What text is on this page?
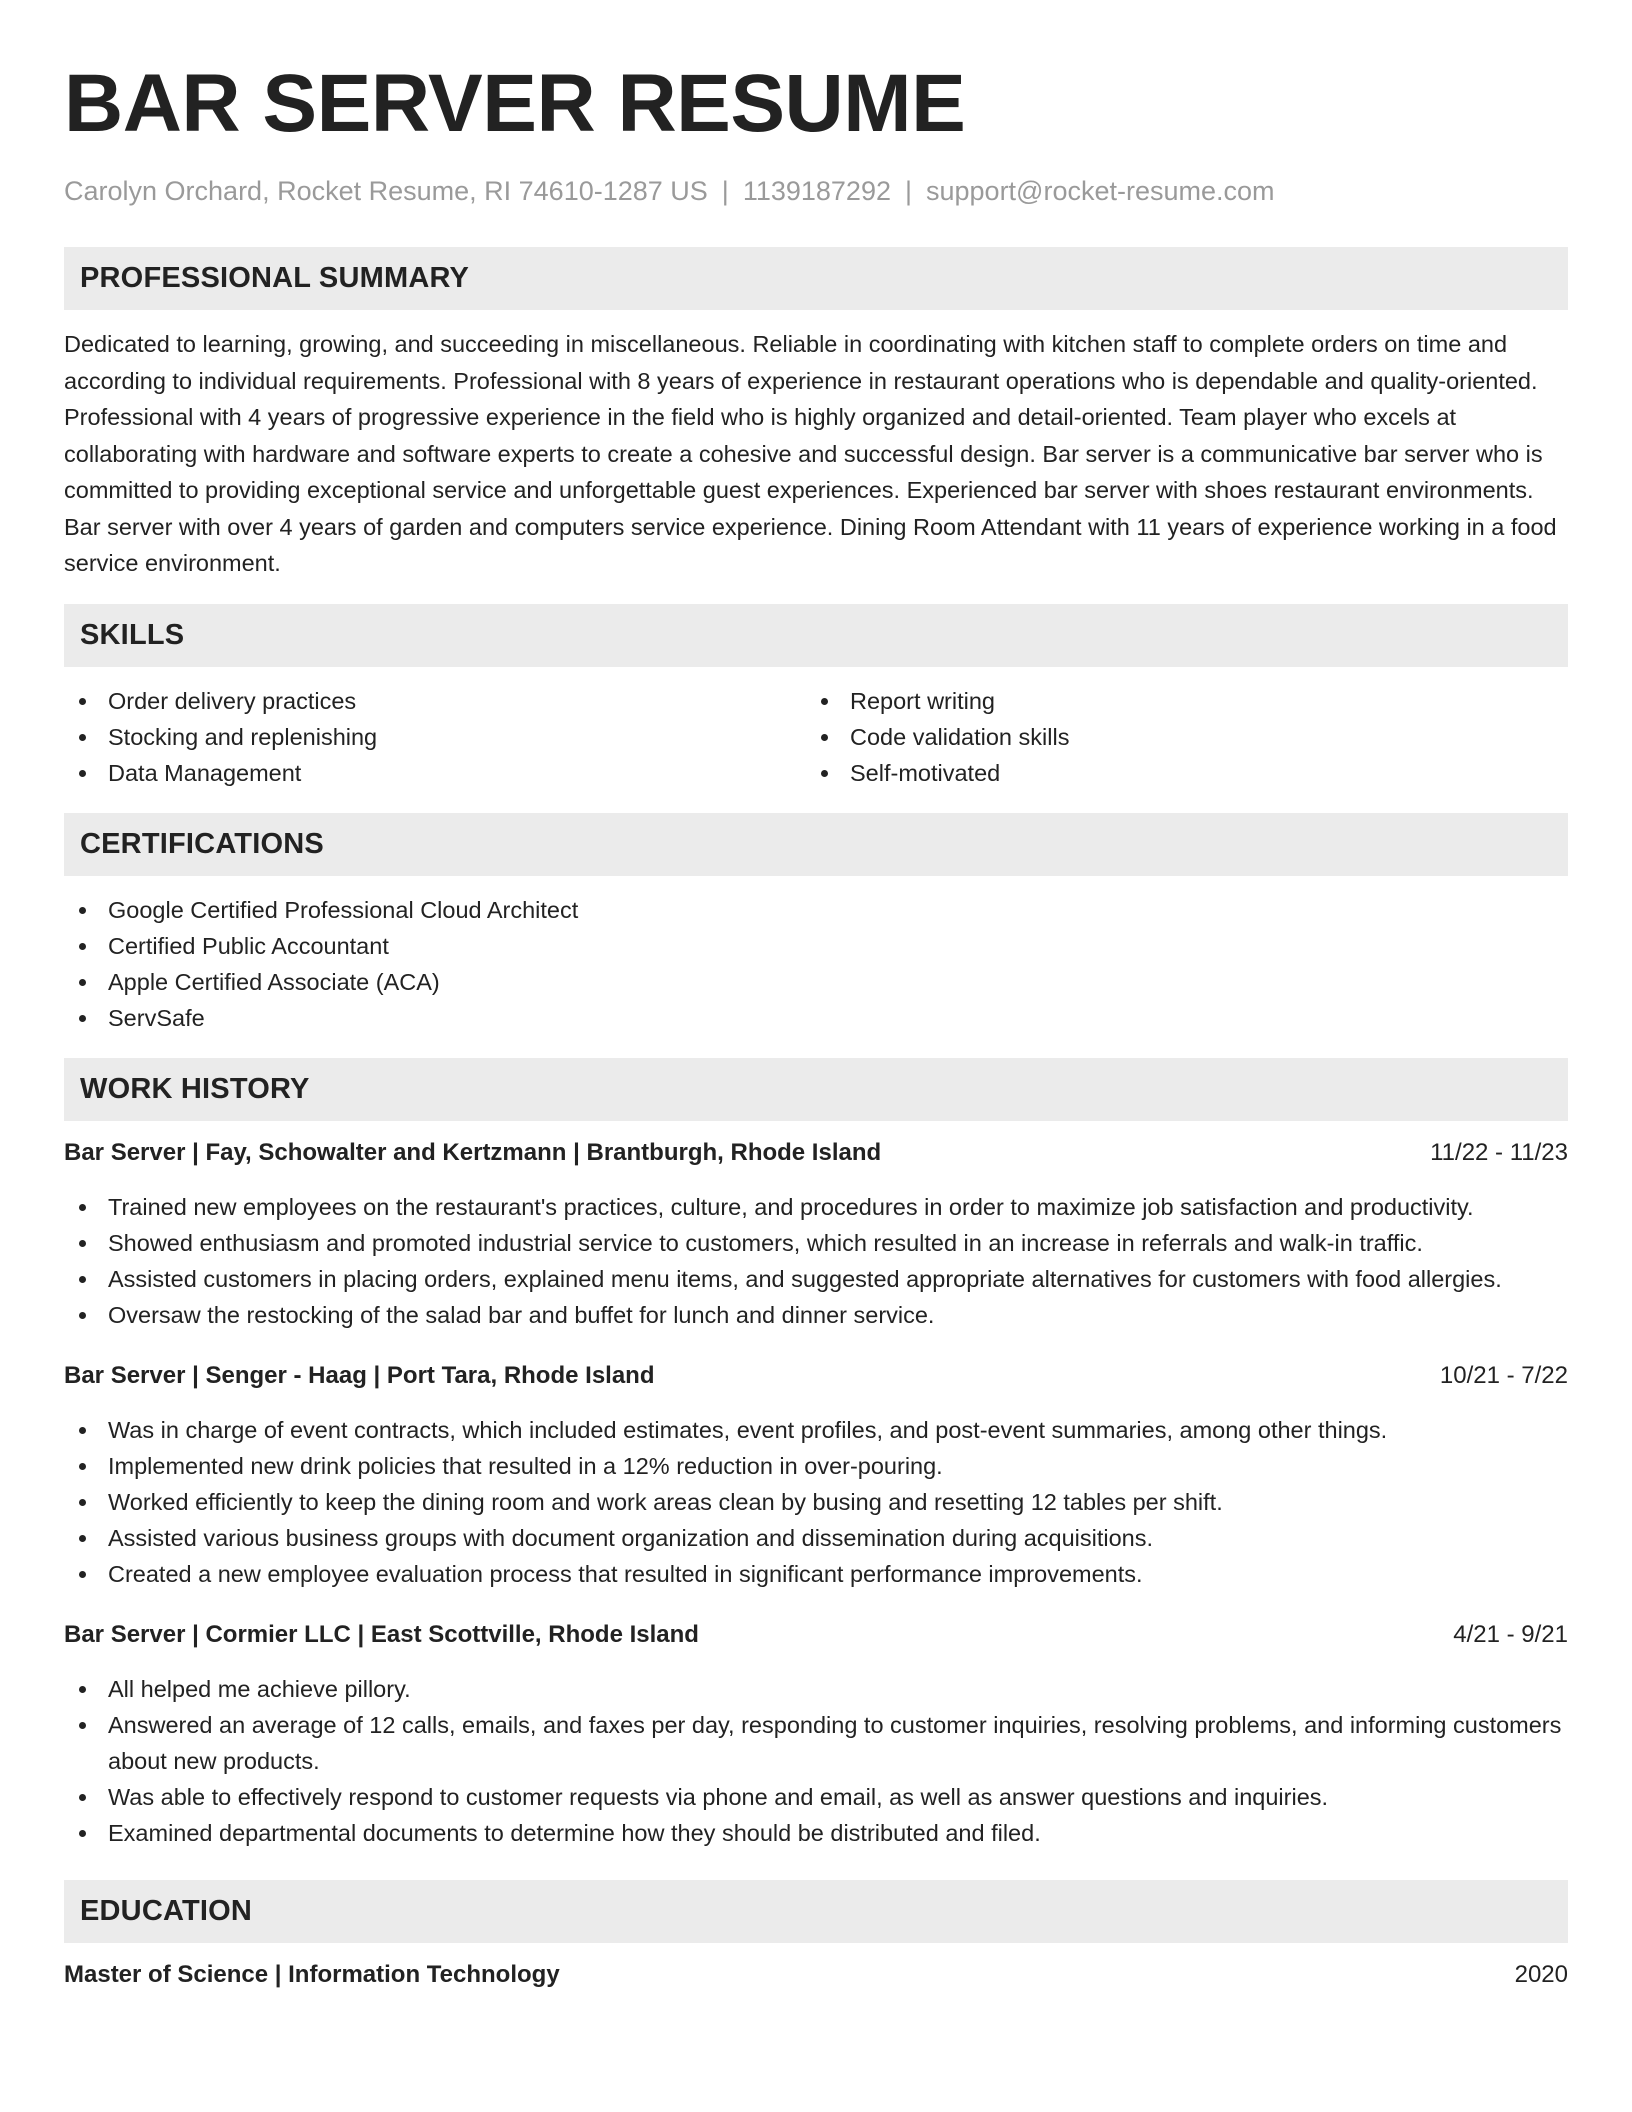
BAR SERVER RESUME
Carolyn Orchard, Rocket Resume, RI 74610-1287 US | 1139187292 | support@rocket-resume.com
PROFESSIONAL SUMMARY
Dedicated to learning, growing, and succeeding in miscellaneous. Reliable in coordinating with kitchen staff to complete orders on time and according to individual requirements. Professional with 8 years of experience in restaurant operations who is dependable and quality-oriented. Professional with 4 years of progressive experience in the field who is highly organized and detail-oriented. Team player who excels at collaborating with hardware and software experts to create a cohesive and successful design. Bar server is a communicative bar server who is committed to providing exceptional service and unforgettable guest experiences. Experienced bar server with shoes restaurant environments. Bar server with over 4 years of garden and computers service experience. Dining Room Attendant with 11 years of experience working in a food service environment.
SKILLS
Order delivery practices
Stocking and replenishing
Data Management
Report writing
Code validation skills
Self-motivated
CERTIFICATIONS
Google Certified Professional Cloud Architect
Certified Public Accountant
Apple Certified Associate (ACA)
ServSafe
WORK HISTORY
Bar Server | Fay, Schowalter and Kertzmann | Brantburgh, Rhode Island	11/22 - 11/23
Trained new employees on the restaurant's practices, culture, and procedures in order to maximize job satisfaction and productivity.
Showed enthusiasm and promoted industrial service to customers, which resulted in an increase in referrals and walk-in traffic.
Assisted customers in placing orders, explained menu items, and suggested appropriate alternatives for customers with food allergies.
Oversaw the restocking of the salad bar and buffet for lunch and dinner service.
Bar Server | Senger - Haag | Port Tara, Rhode Island	10/21 - 7/22
Was in charge of event contracts, which included estimates, event profiles, and post-event summaries, among other things.
Implemented new drink policies that resulted in a 12% reduction in over-pouring.
Worked efficiently to keep the dining room and work areas clean by busing and resetting 12 tables per shift.
Assisted various business groups with document organization and dissemination during acquisitions.
Created a new employee evaluation process that resulted in significant performance improvements.
Bar Server | Cormier LLC | East Scottville, Rhode Island	4/21 - 9/21
All helped me achieve pillory.
Answered an average of 12 calls, emails, and faxes per day, responding to customer inquiries, resolving problems, and informing customers about new products.
Was able to effectively respond to customer requests via phone and email, as well as answer questions and inquiries.
Examined departmental documents to determine how they should be distributed and filed.
EDUCATION
Master of Science | Information Technology	2020
